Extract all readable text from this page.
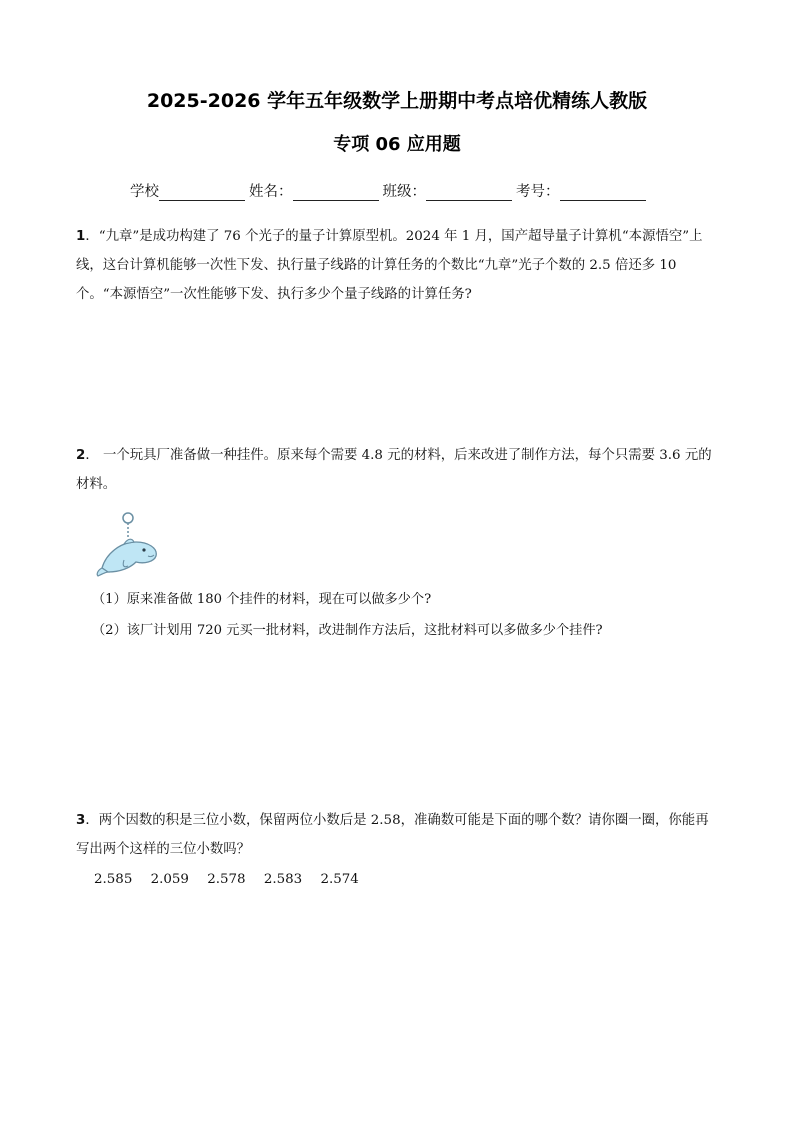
2025-2026 学年五年级数学上册期中考点培优精练人教版
专项 06 应用题
学校	姓名：	班级：	考号：
1．“九章”是成功构建了 76 个光子的量子计算原型机。2024 年 1 月，国产超导量子计算机“本源悟空”上线，这台计算机能够一次性下发、执行量子线路的计算任务的个数比“九章”光子个数的 2.5 倍还多 10 个。“本源悟空”一次性能够下发、执行多少个量子线路的计算任务?
2． 一个玩具厂准备做一种挂件。原来每个需要 4.8 元的材料，后来改进了制作方法，每个只需要 3.6 元的材料。
（1）原来准备做 180 个挂件的材料，现在可以做多少个?
（2）该厂计划用 720 元买一批材料，改进制作方法后，这批材料可以多做多少个挂件?
3．两个因数的积是三位小数，保留两位小数后是 2.58，准确数可能是下面的哪个数？请你圈一圈，你能再写出两个这样的三位小数吗？
2.585 2.059 2.578 2.583 2.574
